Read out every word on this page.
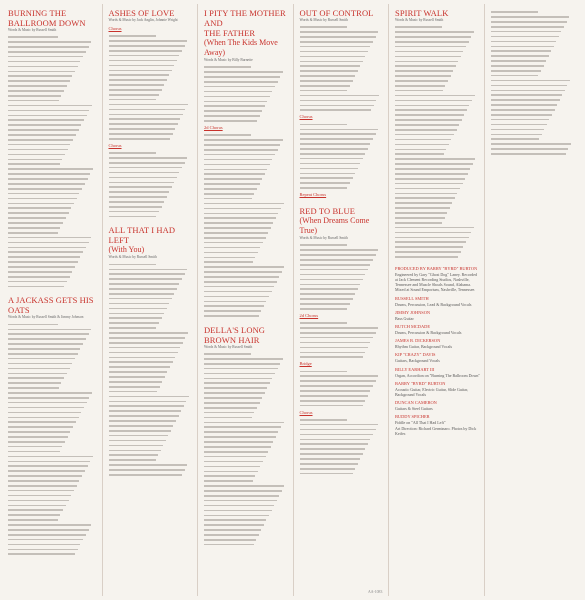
BURNING THE
BALLROOM DOWN
Words & Music by Russell Smith
A JACKASS GETS HIS OATS
Words & Music by Russell Smith & Jimmy Johnson
ASHES OF LOVE
Words & Music by Jack Anglin, Johnnie Wright
Chorus
Chorus
ALL THAT I HAD LEFT
(With You)
Words & Music by Russell Smith
I PITY THE MOTHER AND
THE FATHER
(When The Kids Move Away)
Words & Music by Billy Burnette
2d Chorus
DELLA'S LONG BROWN HAIR
Words & Music by Russell Smith
OUT OF CONTROL
Words & Music by Russell Smith
Chorus
Repeat Chorus
RED TO BLUE
(When Dreams Come True)
Words & Music by Russell Smith
2d Chorus
Bridge
Chorus
SPIRIT WALK
Words & Music by Russell Smith
PRODUCED BY BARRY "BYRD" BURTON
Engineered by Gary "Ghost Dog" Laney. Recorded at Jack Clement Recording Studios, Nashville, Tennessee and Muscle Shoals Sound, Alabama. Mixed at Sound Emporium, Nashville, Tennessee.
RUSSELL SMITH
Drums, Percussion, Lead & Background Vocals
JIMMY JOHNSON
Bass Guitar
BUTCH MCDADE
Drums, Percussion & Background Vocals
JAMES B. DICKERSON
Rhythm Guitar, Background Vocals
KIP "CRAZY" DAVIS
Guitars, Background Vocals
BILLY EARHART III
Organ, Accordion on "Burning The Ballroom Down"
BARRY "BYRD" BURTON
Acoustic Guitar, Electric Guitar, Slide Guitar, Background Vocals
DUNCAN CAMERON
Guitars & Steel Guitars
BUDDY SPICHER
Fiddle on "All That I Had Left"
Art Direction: Richard Germinaro. Photos by Dick Keifer.
AA-1083
